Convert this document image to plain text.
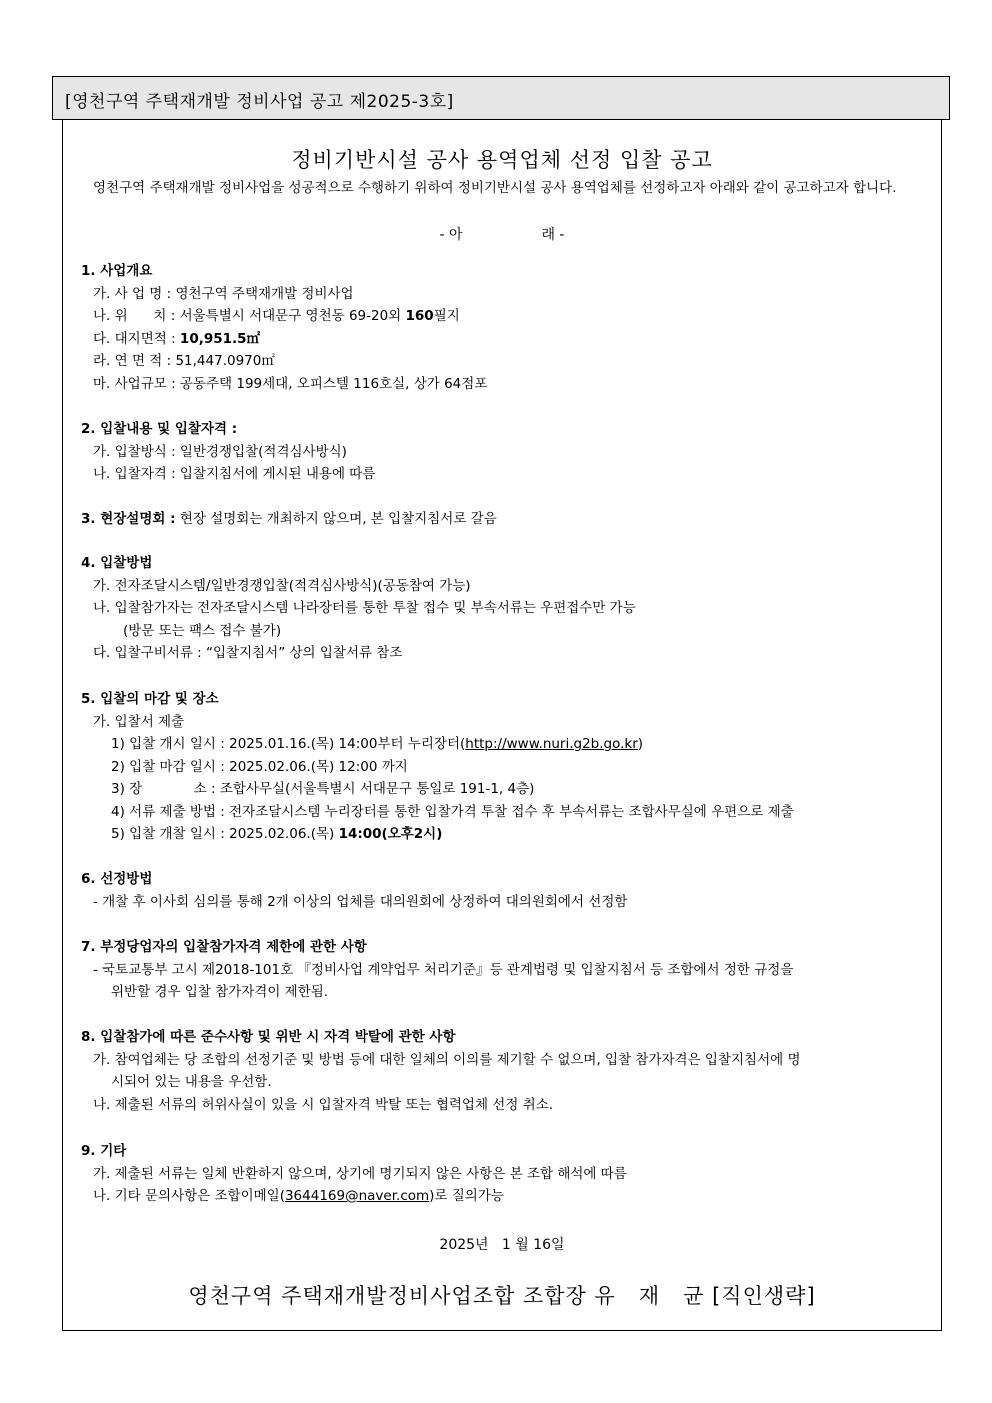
[영천구역 주택재개발 정비사업 공고 제2025-3호]
정비기반시설 공사 용역업체 선정 입찰 공고
영천구역 주택재개발 정비사업을 성공적으로 수행하기 위하여 정비기반시설 공사 용역업체를 선정하고자 아래와 같이 공고하고자 합니다.
- 아	래 -
1. 사업개요
가. 사 업 명 : 영천구역 주택재개발 정비사업
나. 위      치 : 서울특별시 서대문구 영천동 69-20외 160필지
다. 대지면적 : 10,951.5㎡
라. 연 면 적 : 51,447.0970㎡
마. 사업규모 : 공동주택 199세대, 오피스텔 116호실, 상가 64점포
2. 입찰내용 및 입찰자격 :
가. 입찰방식 : 일반경쟁입찰(적격심사방식)
나. 입찰자격 : 입찰지침서에 게시된 내용에 따름
3. 현장설명회 : 현장 설명회는 개최하지 않으며, 본 입찰지침서로 갈음
4. 입찰방법
가. 전자조달시스템/일반경쟁입찰(적격심사방식)(공동참여 가능)
나. 입찰참가자는 전자조달시스템 나라장터를 통한 투찰 접수 및 부속서류는 우편접수만 가능
(방문 또는 팩스 접수 불가)
다. 입찰구비서류 : “입찰지침서” 상의 입찰서류 참조
5. 입찰의 마감 및 장소
가. 입찰서 제출
1) 입찰 개시 일시 : 2025.01.16.(목) 14:00부터 누리장터(http://www.nuri.g2b.go.kr)
2) 입찰 마감 일시 : 2025.02.06.(목) 12:00 까지
3) 장            소 : 조합사무실(서울특별시 서대문구 통일로 191-1, 4층)
4) 서류 제출 방법 : 전자조달시스템 누리장터를 통한 입찰가격 투찰 접수 후 부속서류는 조합사무실에 우편으로 제출
5) 입찰 개찰 일시 : 2025.02.06.(목) 14:00(오후2시)
6. 선정방법
- 개찰 후 이사회 심의를 통해 2개 이상의 업체를 대의원회에 상정하여 대의원회에서 선정함
7. 부정당업자의 입찰참가자격 제한에 관한 사항
- 국토교통부 고시 제2018-101호 『정비사업 계약업무 처리기준』등 관계법령 및 입찰지침서 등 조합에서 정한 규정을
위반할 경우 입찰 참가자격이 제한됨.
8. 입찰참가에 따른 준수사항 및 위반 시 자격 박탈에 관한 사항
가. 참여업체는 당 조합의 선정기준 및 방법 등에 대한 일체의 이의를 제기할 수 없으며, 입찰 참가자격은 입찰지침서에 명
시되어 있는 내용을 우선함.
나. 제출된 서류의 허위사실이 있을 시 입찰자격 박탈 또는 협력업체 선정 취소.
9. 기타
가. 제출된 서류는 일체 반환하지 않으며, 상기에 명기되지 않은 사항은 본 조합 해석에 따름
나. 기타 문의사항은 조합이메일(3644169@naver.com)로 질의가능
2025년   1 월 16일
영천구역 주택재개발정비사업조합 조합장 유   재   균 [직인생략]
